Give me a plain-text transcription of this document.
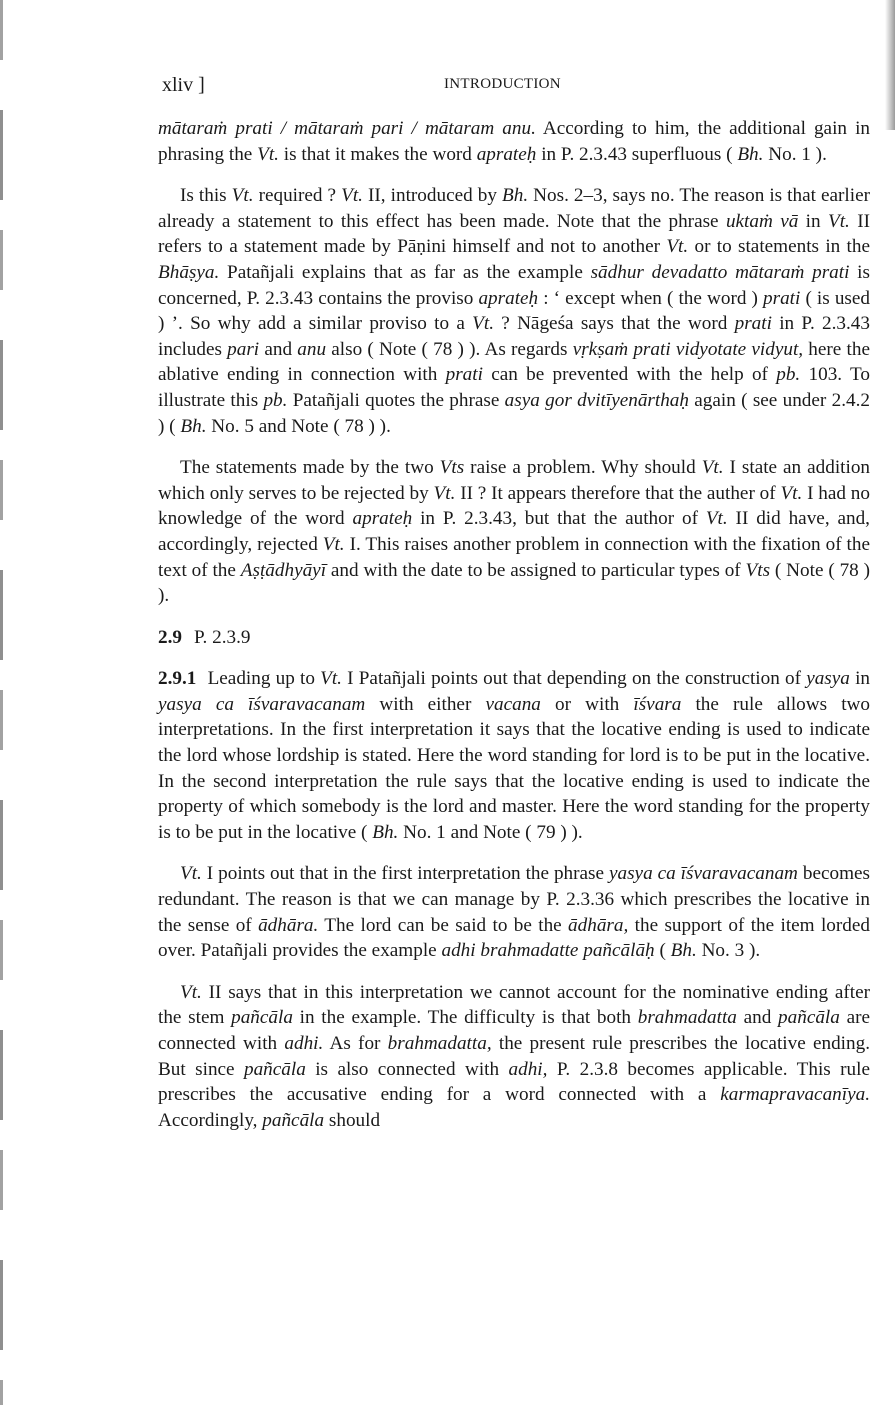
xliv ]	INTRODUCTION

mātaraṁ prati / mātaraṁ pari / mātaram anu. According to him, the additional gain in phrasing the Vt. is that it makes the word aprateḥ in P. 2.3.43 superfluous ( Bh. No. 1 ).

Is this Vt. required ? Vt. II, introduced by Bh. Nos. 2–3, says no. The reason is that earlier already a statement to this effect has been made. Note that the phrase uktaṁ vā in Vt. II refers to a statement made by Pāṇini himself and not to another Vt. or to statements in the Bhāṣya. Patañjali explains that as far as the example sādhur devadatto mātaraṁ prati is concerned, P. 2.3.43 contains the proviso aprateḥ : ‘ except when ( the word ) prati ( is used ) ’. So why add a similar proviso to a Vt. ? Nāgeśa says that the word prati in P. 2.3.43 includes pari and anu also ( Note ( 78 ) ). As regards vṛkṣaṁ prati vidyotate vidyut, here the ablative ending in connection with prati can be prevented with the help of pb. 103. To illustrate this pb. Patañjali quotes the phrase asya gor dvitīyenārthaḥ again ( see under 2.4.2 ) ( Bh. No. 5 and Note ( 78 ) ).

The statements made by the two Vts raise a problem. Why should Vt. I state an addition which only serves to be rejected by Vt. II ? It appears therefore that the auther of Vt. I had no knowledge of the word aprateḥ in P. 2.3.43, but that the author of Vt. II did have, and, accordingly, rejected Vt. I. This raises another problem in connection with the fixation of the text of the Aṣṭādhyāyī and with the date to be assigned to particular types of Vts ( Note ( 78 ) ).

2.9 P. 2.3.9

2.9.1 Leading up to Vt. I Patañjali points out that depending on the construction of yasya in yasya ca īśvaravacanam with either vacana or with īśvara the rule allows two interpretations. In the first interpretation it says that the locative ending is used to indicate the lord whose lordship is stated. Here the word standing for lord is to be put in the locative. In the second interpretation the rule says that the locative ending is used to indicate the property of which somebody is the lord and master. Here the word standing for the property is to be put in the locative ( Bh. No. 1 and Note ( 79 ) ).

Vt. I points out that in the first interpretation the phrase yasya ca īśvaravacanam becomes redundant. The reason is that we can manage by P. 2.3.36 which prescribes the locative in the sense of ādhāra. The lord can be said to be the ādhāra, the support of the item lorded over. Patañjali provides the example adhi brahmadatte pañcālāḥ ( Bh. No. 3 ).

Vt. II says that in this interpretation we cannot account for the nominative ending after the stem pañcāla in the example. The difficulty is that both brahmadatta and pañcāla are connected with adhi. As for brahmadatta, the present rule prescribes the locative ending. But since pañcāla is also connected with adhi, P. 2.3.8 becomes applicable. This rule prescribes the accusative ending for a word connected with a karmapravacanīya. Accordingly, pañcāla should
